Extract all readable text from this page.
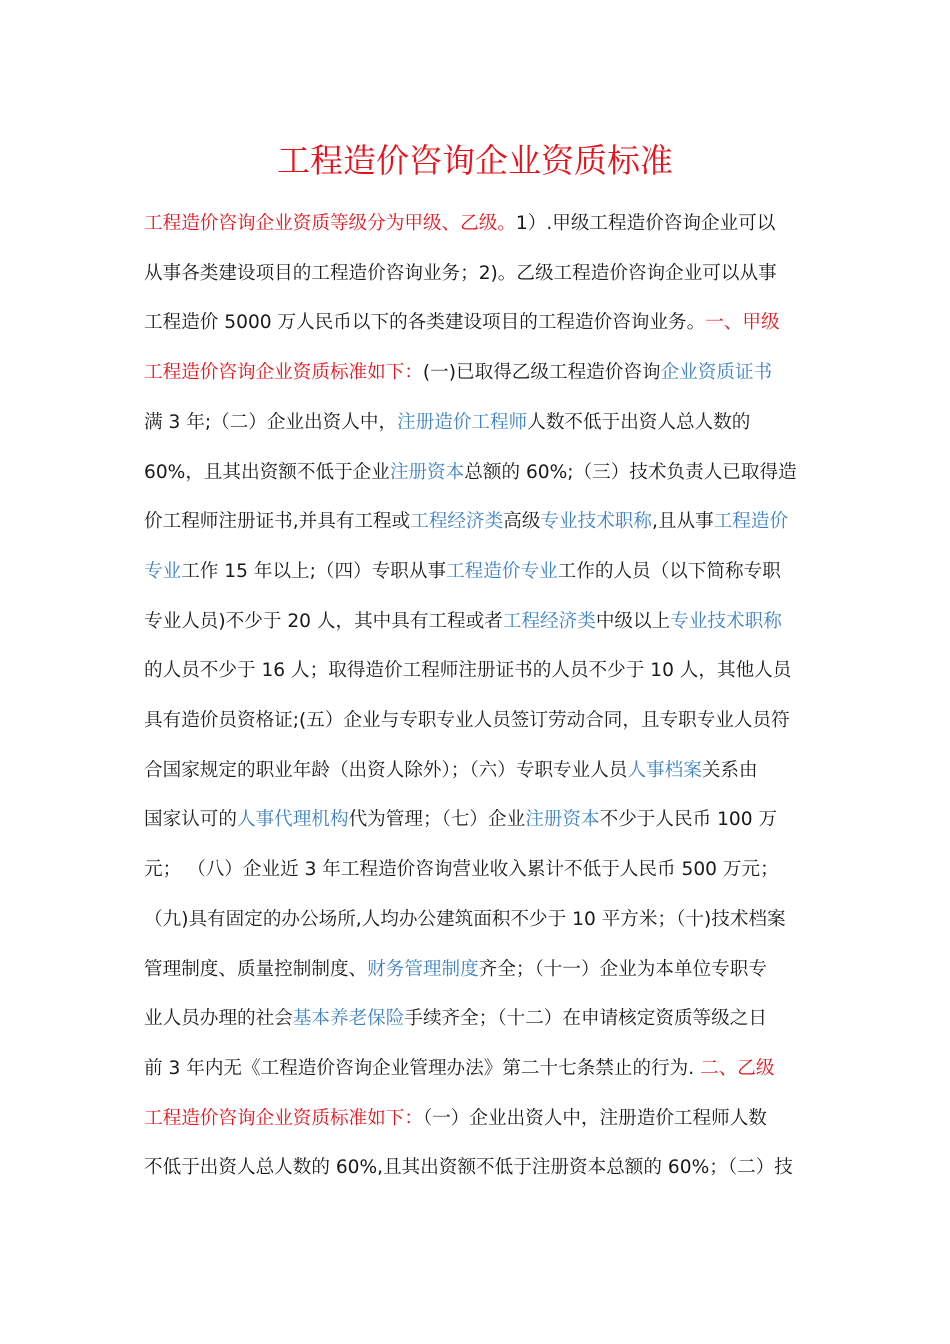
工程造价咨询企业资质标准
工程造价咨询企业资质等级分为甲级、乙级。1）.甲级工程造价咨询企业可以
从事各类建设项目的工程造价咨询业务；2)。乙级工程造价咨询企业可以从事
工程造价 5000 万人民币以下的各类建设项目的工程造价咨询业务。一、甲级
工程造价咨询企业资质标准如下：(一)已取得乙级工程造价咨询企业资质证书
满 3 年;（二）企业出资人中，注册造价工程师人数不低于出资人总人数的
60%，且其出资额不低于企业注册资本总额的 60%;（三）技术负责人已取得造
价工程师注册证书,并具有工程或工程经济类高级专业技术职称,且从事工程造价
专业工作 15 年以上;（四）专职从事工程造价专业工作的人员（以下简称专职
专业人员)不少于 20 人，其中具有工程或者工程经济类中级以上专业技术职称
的人员不少于 16 人；取得造价工程师注册证书的人员不少于 10 人，其他人员
具有造价员资格证;(五）企业与专职专业人员签订劳动合同，且专职专业人员符
合国家规定的职业年龄（出资人除外）；（六）专职专业人员人事档案关系由
国家认可的人事代理机构代为管理；（七）企业注册资本不少于人民币 100 万
元； （八）企业近 3 年工程造价咨询营业收入累计不低于人民币 500 万元；
（九)具有固定的办公场所,人均办公建筑面积不少于 10 平方米；（十)技术档案
管理制度、质量控制制度、财务管理制度齐全；（十一）企业为本单位专职专
业人员办理的社会基本养老保险手续齐全；（十二）在申请核定资质等级之日
前 3 年内无《工程造价咨询企业管理办法》第二十七条禁止的行为. 二、乙级
工程造价咨询企业资质标准如下：（一）企业出资人中，注册造价工程师人数
不低于出资人总人数的 60%,且其出资额不低于注册资本总额的 60%；（二）技
